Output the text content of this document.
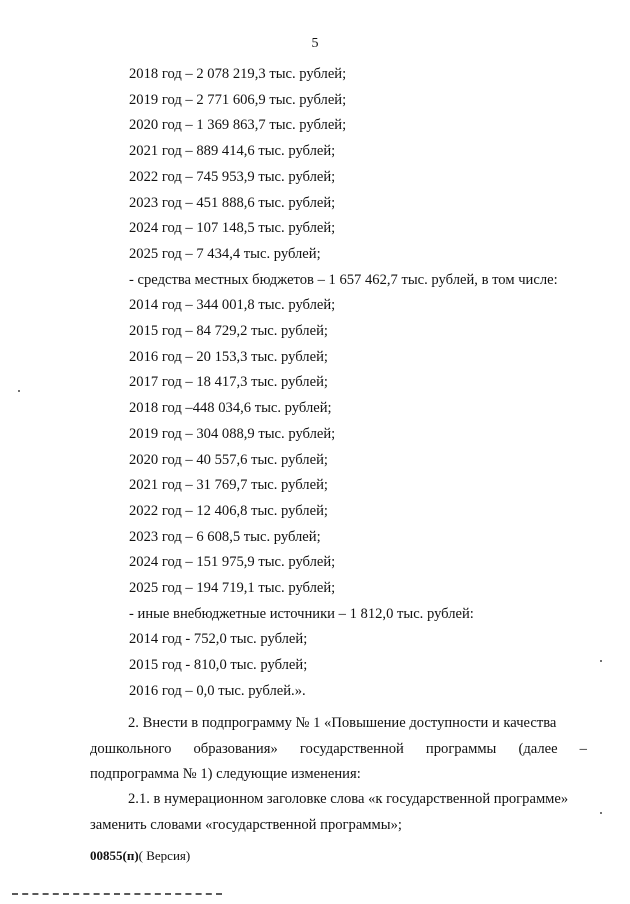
5
2018 год – 2 078 219,3 тыс. рублей;
2019 год – 2 771 606,9 тыс. рублей;
2020 год – 1 369 863,7 тыс. рублей;
2021 год – 889 414,6 тыс. рублей;
2022 год – 745 953,9 тыс. рублей;
2023 год – 451 888,6 тыс. рублей;
2024 год – 107 148,5 тыс. рублей;
2025 год – 7 434,4 тыс. рублей;
- средства местных бюджетов – 1 657 462,7 тыс. рублей, в том числе:
2014 год – 344 001,8 тыс. рублей;
2015 год – 84 729,2 тыс. рублей;
2016 год – 20 153,3 тыс. рублей;
2017 год – 18 417,3 тыс. рублей;
2018 год –448 034,6 тыс. рублей;
2019 год – 304 088,9 тыс. рублей;
2020 год – 40 557,6 тыс. рублей;
2021 год – 31 769,7 тыс. рублей;
2022 год – 12 406,8 тыс. рублей;
2023 год – 6 608,5 тыс. рублей;
2024 год – 151 975,9 тыс. рублей;
2025 год – 194 719,1 тыс. рублей;
- иные внебюджетные источники – 1 812,0 тыс. рублей:
2014 год - 752,0 тыс. рублей;
2015 год - 810,0 тыс. рублей;
2016 год – 0,0 тыс. рублей.».
2. Внести в подпрограмму № 1 «Повышение доступности и качества
дошкольного образования» государственной программы (далее –
подпрограмма № 1) следующие изменения:
2.1. в нумерационном заголовке слова «к государственной программе»
заменить словами «государственной программы»;
00855(п)( Версия)
